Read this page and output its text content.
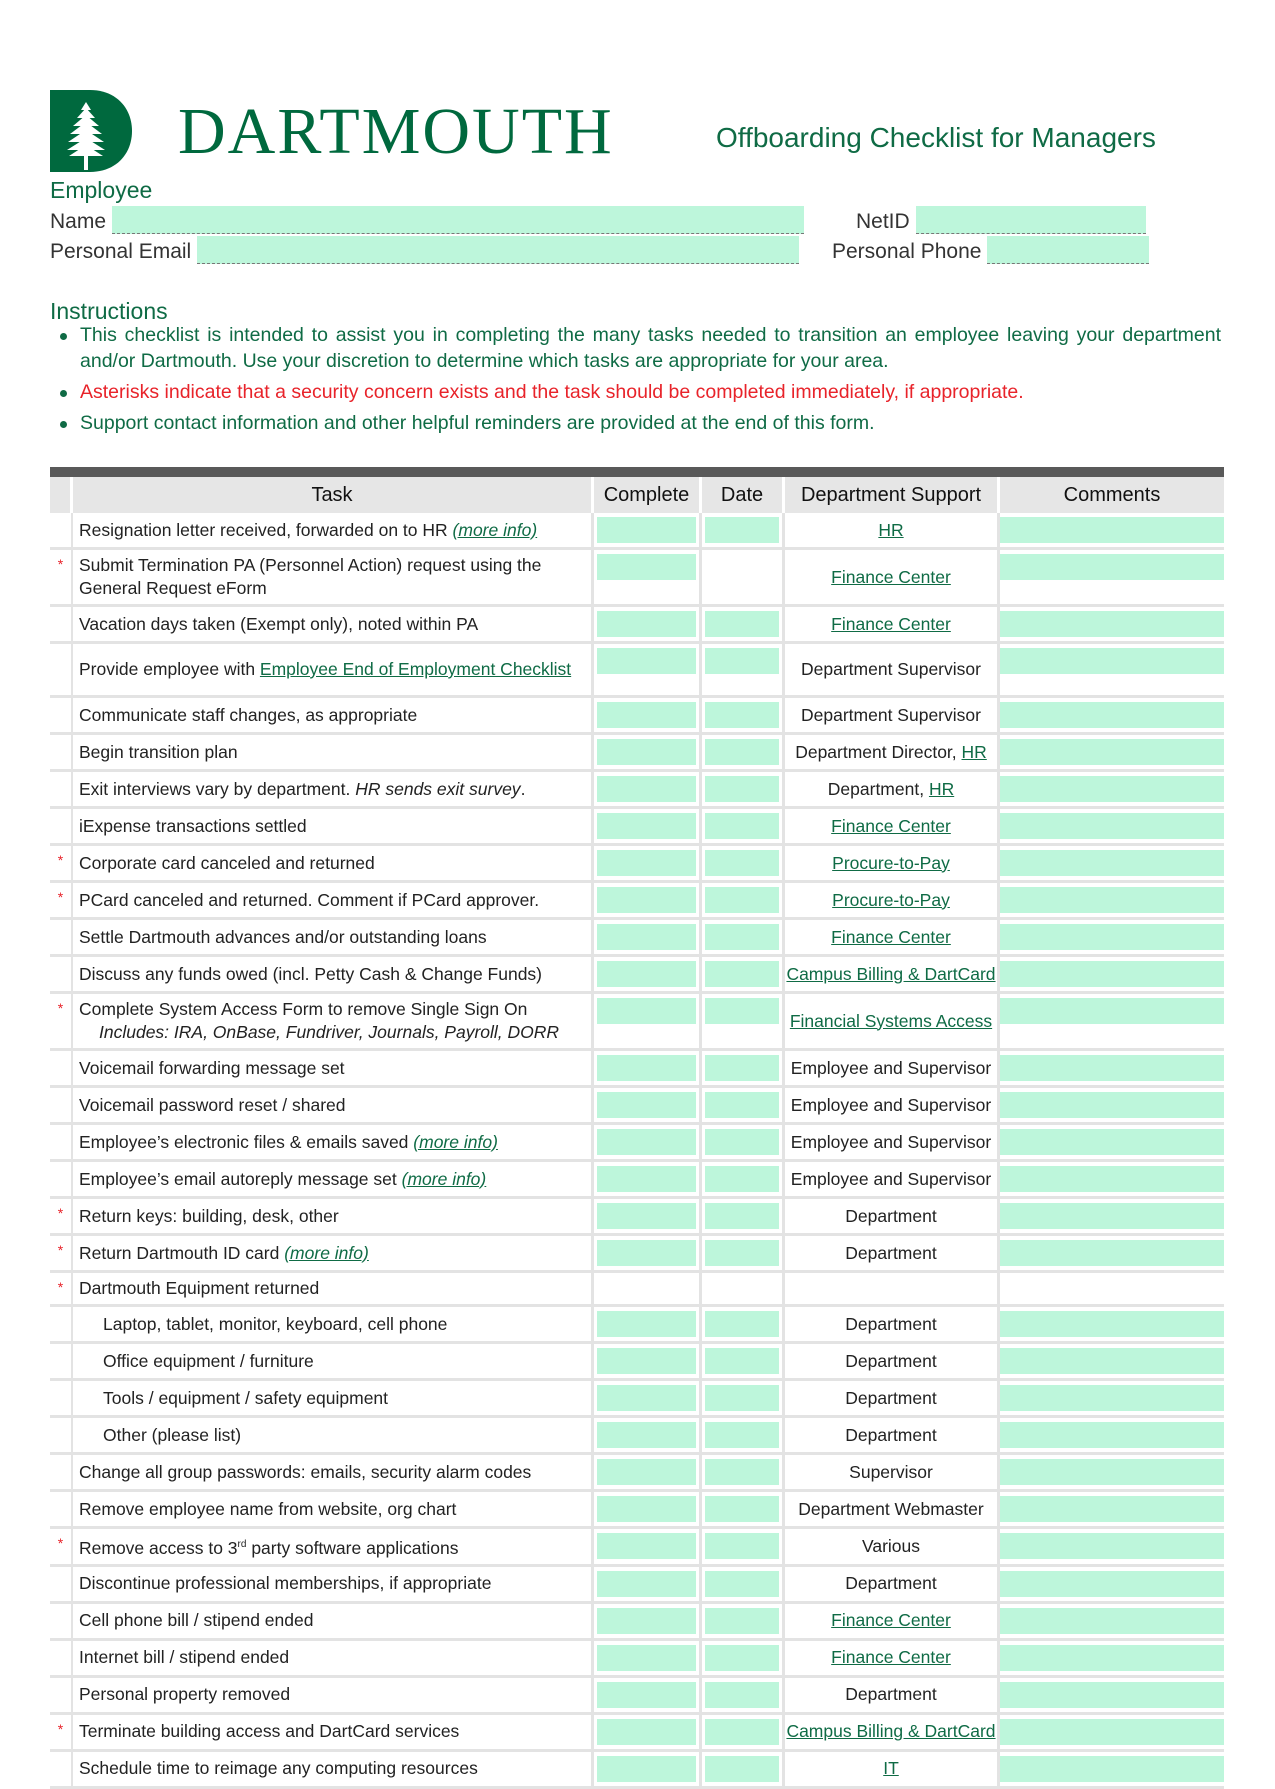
DARTMOUTH	Offboarding Checklist for Managers
Employee
Name	NetID
Personal Email	Personal Phone
Instructions
This checklist is intended to assist you in completing the many tasks needed to transition an employee leaving your department and/or Dartmouth. Use your discretion to determine which tasks are appropriate for your area.
Asterisks indicate that a security concern exists and the task should be completed immediately, if appropriate.
Support contact information and other helpful reminders are provided at the end of this form.
	Task	Complete	Date	Department Support	Comments
	Resignation letter received, forwarded on to HR (more info)			HR	

*	Submit Termination PA (Personnel Action) request using the General Request eForm			Finance Center	

	Vacation days taken (Exempt only), noted within PA			Finance Center	

	Provide employee with Employee End of Employment Checklist			Department Supervisor	

	Communicate staff changes, as appropriate			Department Supervisor	

	Begin transition plan			Department Director, HR	

	Exit interviews vary by department. HR sends exit survey.			Department, HR	

	iExpense transactions settled			Finance Center	

*	Corporate card canceled and returned			Procure-to-Pay	

*	PCard canceled and returned. Comment if PCard approver.			Procure-to-Pay	

	Settle Dartmouth advances and/or outstanding loans			Finance Center	

	Discuss any funds owed (incl. Petty Cash & Change Funds)			Campus Billing & DartCard	

*	Complete System Access Form to remove Single Sign On
Includes: IRA, OnBase, Fundriver, Journals, Payroll, DORR			Financial Systems Access	

	Voicemail forwarding message set			Employee and Supervisor	

	Voicemail password reset / shared			Employee and Supervisor	

	Employee’s electronic files & emails saved (more info)			Employee and Supervisor	

	Employee’s email autoreply message set (more info)			Employee and Supervisor	

*	Return keys: building, desk, other			Department	

*	Return Dartmouth ID card (more info)			Department	

*	Dartmouth Equipment returned				
	Laptop, tablet, monitor, keyboard, cell phone			Department	

	Office equipment / furniture			Department	

	Tools / equipment / safety equipment			Department	

	Other (please list)			Department	

	Change all group passwords: emails, security alarm codes			Supervisor	

	Remove employee name from website, org chart			Department Webmaster	

*	Remove access to 3rd party software applications			Various	

	Discontinue professional memberships, if appropriate			Department	

	Cell phone bill / stipend ended			Finance Center	

	Internet bill / stipend ended			Finance Center	

	Personal property removed			Department	

*	Terminate building access and DartCard services			Campus Billing & DartCard	

	Schedule time to reimage any computing resources			IT	
